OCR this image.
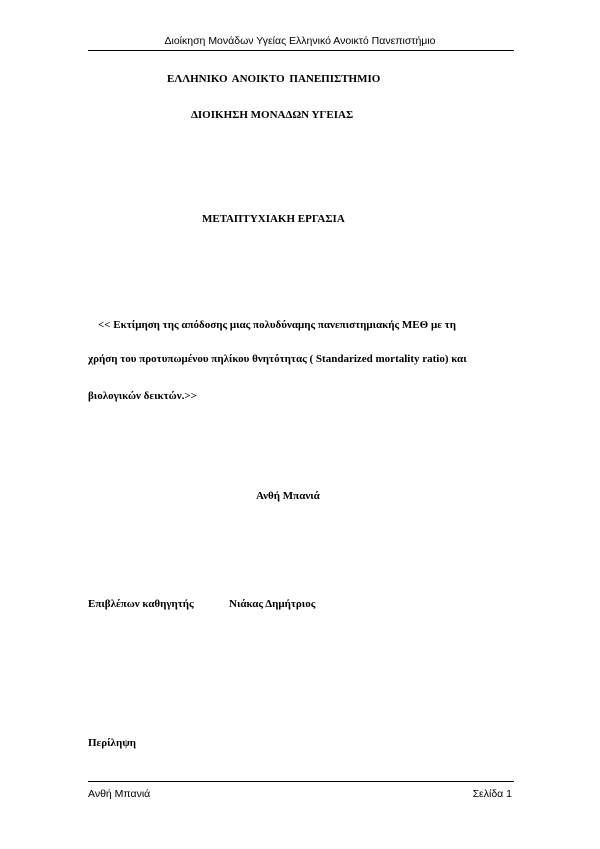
Διοίκηση Μονάδων Υγείας Ελληνικό Ανοικτό Πανεπιστήμιο
ΕΛΛΗΝΙΚΟ ΑΝΟΙΚΤΟ ΠΑΝΕΠΙΣΤΗΜΙΟ
ΔΙΟΙΚΗΣΗ ΜΟΝΑΔΩΝ ΥΓΕΙΑΣ
ΜΕΤΑΠΤΥΧΙΑΚΗ ΕΡΓΑΣΙΑ
<< Εκτίμηση της απόδοσης μιας πολυδύναμης πανεπιστημιακής ΜΕΘ με τη
χρήση του προτυπωμένου πηλίκου θνητότητας ( Standarized mortality ratio) και
βιολογικών δεικτών.>>
Ανθή Μπανιά
Επιβλέπων καθηγητής	Νιάκας Δημήτριος
Περίληψη
Ανθή Μπανιά	Σελίδα 1
